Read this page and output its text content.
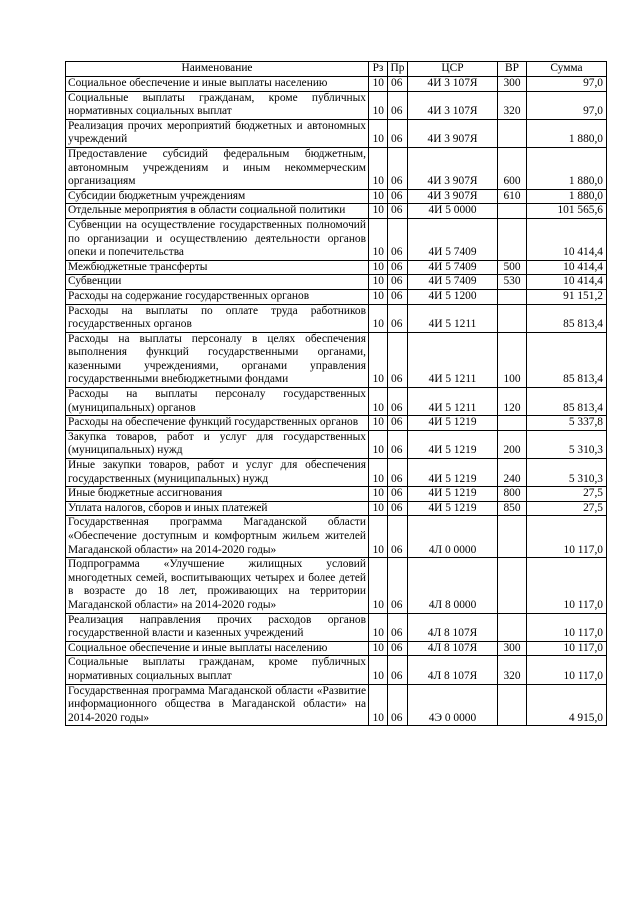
Наименование	Рз	Пр	ЦСР	ВР	Сумма
Социальное обеспечение и иные выплаты населению	10	06	4И 3 107Я	300	97,0
Социальные выплаты гражданам, кроме публичных нормативных социальных выплат	10	06	4И 3 107Я	320	97,0
Реализация прочих мероприятий бюджетных и автономных учреждений	10	06	4И 3 907Я		1 880,0
Предоставление субсидий федеральным бюджетным, автономным учреждениям и иным некоммерческим организациям	10	06	4И 3 907Я	600	1 880,0
Субсидии бюджетным учреждениям	10	06	4И 3 907Я	610	1 880,0
Отдельные мероприятия в области социальной политики	10	06	4И 5 0000		101 565,6
Субвенции на осуществление государственных полномочий по организации и осуществлению деятельности органов опеки и попечительства	10	06	4И 5 7409		10 414,4
Межбюджетные трансферты	10	06	4И 5 7409	500	10 414,4
Субвенции	10	06	4И 5 7409	530	10 414,4
Расходы на содержание государственных органов	10	06	4И 5 1200		91 151,2
Расходы на выплаты по оплате труда работников государственных органов	10	06	4И 5 1211		85 813,4
Расходы на выплаты персоналу в целях обеспечения выполнения функций государственными органами, казенными учреждениями, органами управления государственными внебюджетными фондами	10	06	4И 5 1211	100	85 813,4
Расходы на выплаты персоналу государственных (муниципальных) органов	10	06	4И 5 1211	120	85 813,4
Расходы на обеспечение функций государственных органов	10	06	4И 5 1219		5 337,8
Закупка товаров, работ и услуг для государственных (муниципальных) нужд	10	06	4И 5 1219	200	5 310,3
Иные закупки товаров, работ и услуг для обеспечения государственных (муниципальных) нужд	10	06	4И 5 1219	240	5 310,3
Иные бюджетные ассигнования	10	06	4И 5 1219	800	27,5
Уплата налогов, сборов и иных платежей	10	06	4И 5 1219	850	27,5
Государственная программа Магаданской области «Обеспечение доступным и комфортным жильем жителей Магаданской области» на 2014-2020 годы»	10	06	4Л 0 0000		10 117,0
Подпрограмма «Улучшение жилищных условий многодетных семей, воспитывающих четырех и более детей в возрасте до 18 лет, проживающих на территории Магаданской области» на 2014-2020 годы»	10	06	4Л 8 0000		10 117,0
Реализация направления прочих расходов органов государственной власти и казенных учреждений	10	06	4Л 8 107Я		10 117,0
Социальное обеспечение и иные выплаты населению	10	06	4Л 8 107Я	300	10 117,0
Социальные выплаты гражданам, кроме публичных нормативных социальных выплат	10	06	4Л 8 107Я	320	10 117,0
Государственная программа Магаданской области «Развитие информационного общества в Магаданской области» на 2014-2020 годы»	10	06	4Э 0 0000		4 915,0
